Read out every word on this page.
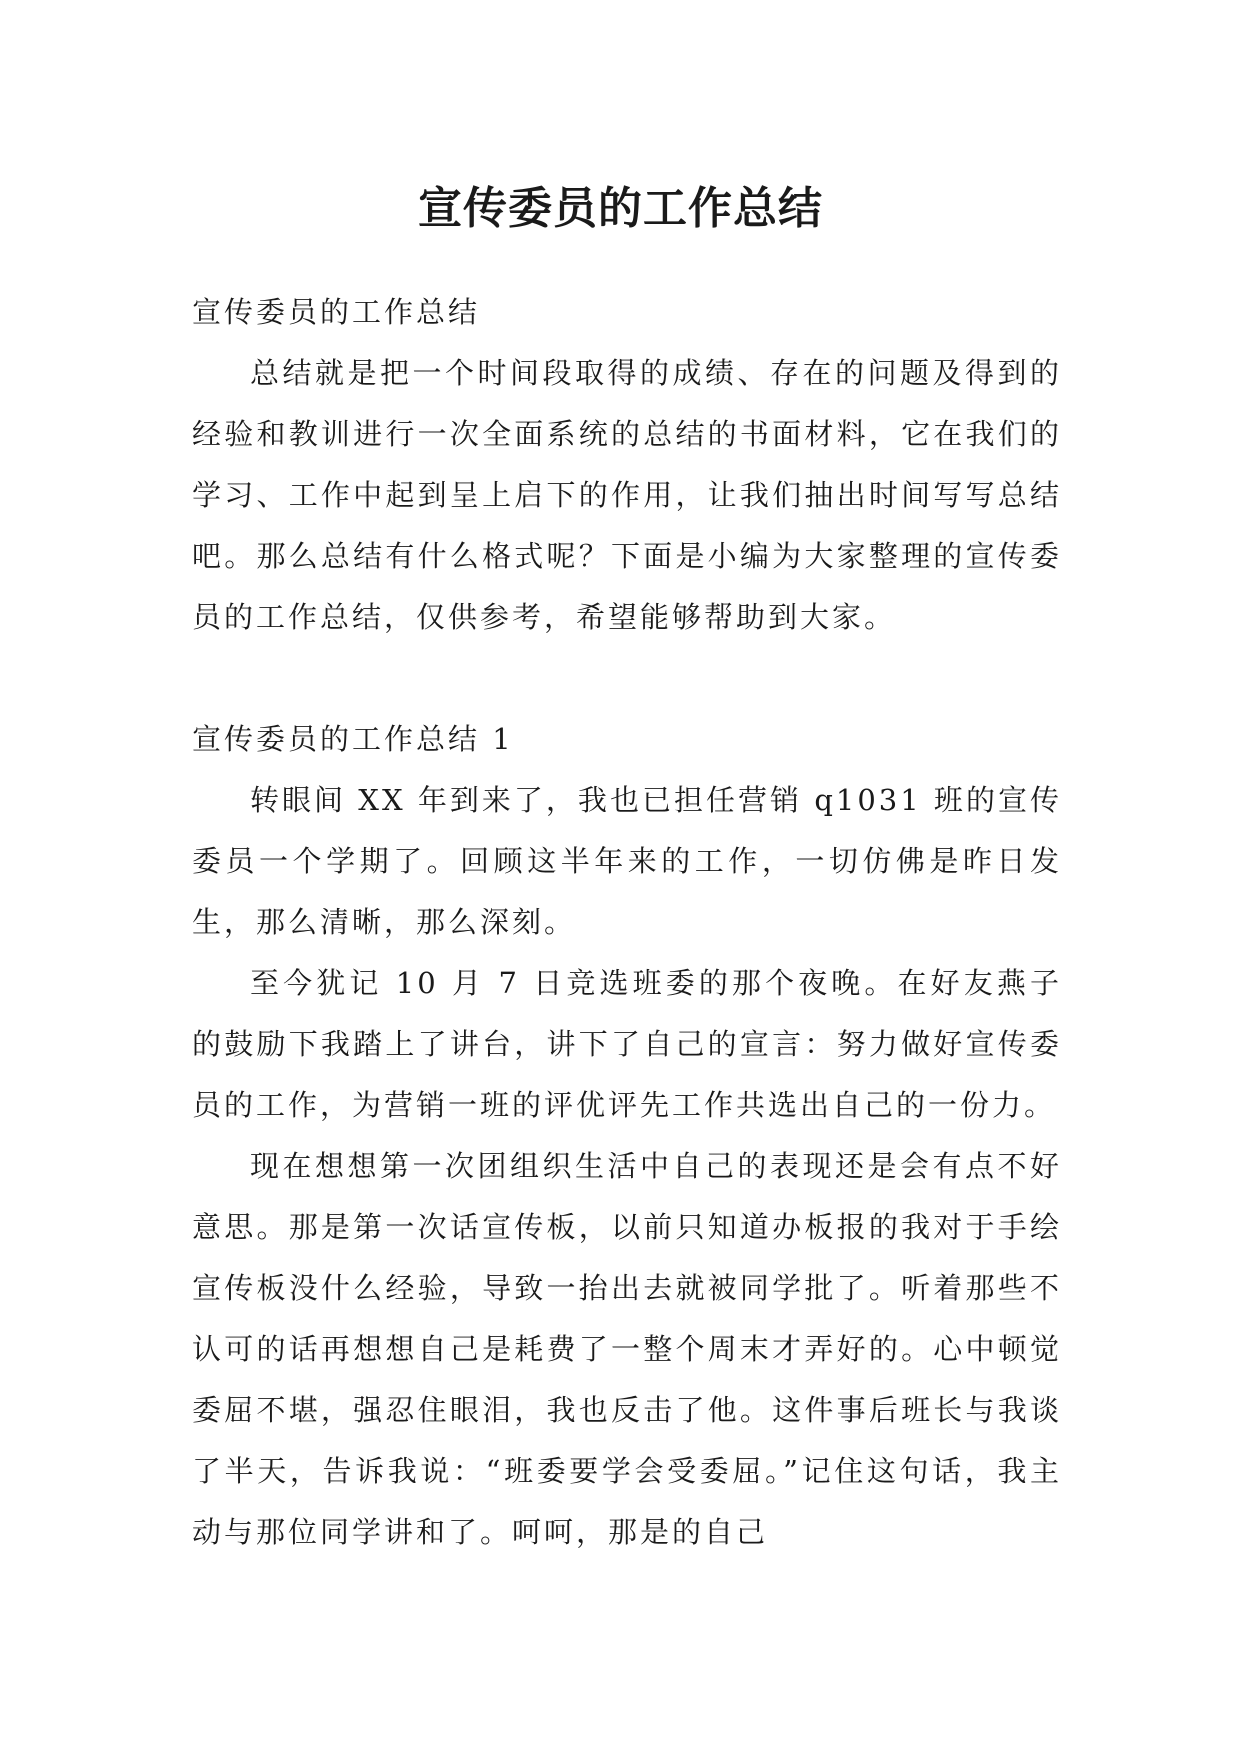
宣传委员的工作总结

宣传委员的工作总结

总结就是把一个时间段取得的成绩、存在的问题及得到的经验和教训进行一次全面系统的总结的书面材料，它在我们的学习、工作中起到呈上启下的作用，让我们抽出时间写写总结吧。那么总结有什么格式呢？下面是小编为大家整理的宣传委员的工作总结，仅供参考，希望能够帮助到大家。

宣传委员的工作总结 1

转眼间 XX 年到来了，我也已担任营销 q1031 班的宣传委员一个学期了。回顾这半年来的工作，一切仿佛是昨日发生，那么清晰，那么深刻。

至今犹记 10 月 7 日竞选班委的那个夜晚。在好友燕子的鼓励下我踏上了讲台，讲下了自己的宣言：努力做好宣传委员的工作，为营销一班的评优评先工作共选出自己的一份力。

现在想想第一次团组织生活中自己的表现还是会有点不好意思。那是第一次话宣传板，以前只知道办板报的我对于手绘宣传板没什么经验，导致一抬出去就被同学批了。听着那些不认可的话再想想自己是耗费了一整个周末才弄好的。心中顿觉委屈不堪，强忍住眼泪，我也反击了他。这件事后班长与我谈了半天，告诉我说：“班委要学会受委屈。”记住这句话，我主动与那位同学讲和了。呵呵，那是的自己
